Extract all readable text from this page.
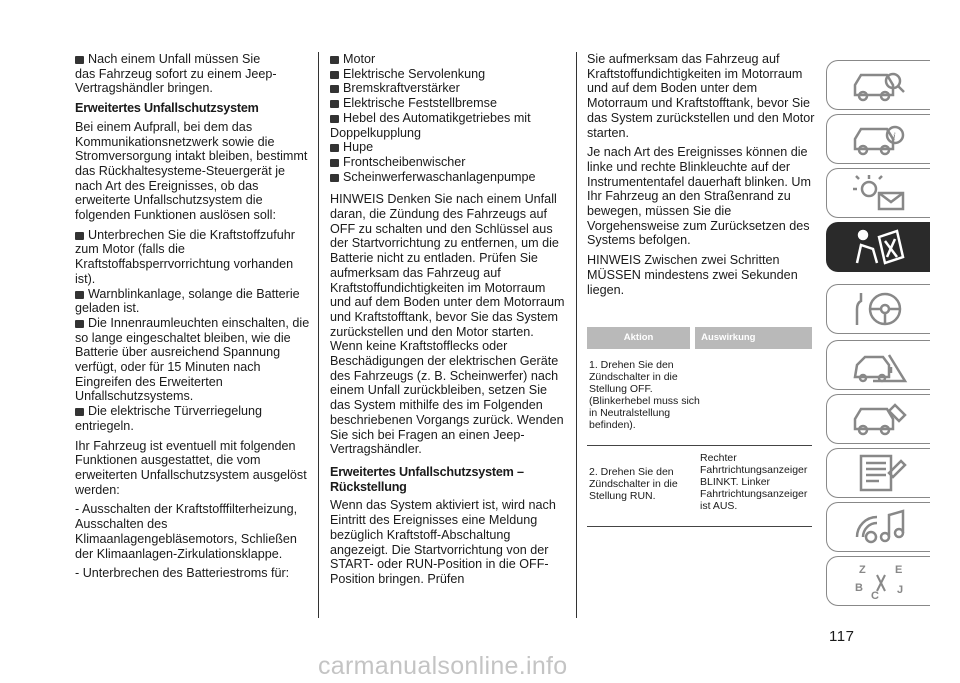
Nach einem Unfall müssen Sie

das Fahrzeug sofort zu einem Jeep-Vertragshändler bringen.

Erweitertes Unfallschutzsystem

Bei einem Aufprall, bei dem das Kommunikationsnetzwerk sowie die Stromversorgung intakt bleiben, bestimmt das Rückhaltesysteme-Steuergerät je nach Art des Ereignisses, ob das erweiterte Unfallschutzsystem die folgenden Funktionen auslösen soll:

Unterbrechen Sie die Kraftstoffzufuhr zum Motor (falls die Kraftstoffabsperrvorrichtung vorhanden ist).

Warnblinkanlage, solange die Batterie geladen ist.

Die Innenraumleuchten einschalten, die so lange eingeschaltet bleiben, wie die Batterie über ausreichend Spannung verfügt, oder für 15 Minuten nach Eingreifen des Erweiterten Unfallschutzsystems.

Die elektrische Türverriegelung entriegeln.

Ihr Fahrzeug ist eventuell mit folgenden Funktionen ausgestattet, die vom erweiterten Unfallschutzsystem ausgelöst werden:

- Ausschalten der Kraftstofffilterheizung, Ausschalten des Klimaanlagengebläsemotors, Schließen der Klimaanlagen-Zirkulationsklappe.

- Unterbrechen des Batteriestroms für:

Motor

Elektrische Servolenkung

Bremskraftverstärker

Elektrische Feststellbremse

Hebel des Automatikgetriebes mit Doppelkupplung

Hupe

Frontscheibenwischer

Scheinwerferwaschanlagenpumpe

HINWEIS Denken Sie nach einem Unfall daran, die Zündung des Fahrzeugs auf OFF zu schalten und den Schlüssel aus der Startvorrichtung zu entfernen, um die Batterie nicht zu entladen. Prüfen Sie aufmerksam das Fahrzeug auf Kraftstoffundichtigkeiten im Motorraum und auf dem Boden unter dem Motorraum und Kraftstofftank, bevor Sie das System zurückstellen und den Motor starten. Wenn keine Kraftstofflecks oder Beschädigungen der elektrischen Geräte des Fahrzeugs (z. B. Scheinwerfer) nach einem Unfall zurückbleiben, setzen Sie das System mithilfe des im Folgenden beschriebenen Vorgangs zurück. Wenden Sie sich bei Fragen an einen Jeep-Vertragshändler.

Erweitertes Unfallschutzsystem – Rückstellung

Wenn das System aktiviert ist, wird nach Eintritt des Ereignisses eine Meldung bezüglich Kraftstoff-Abschaltung angezeigt. Die Startvorrichtung von der START- oder RUN-Position in die OFF-Position bringen. Prüfen

Sie aufmerksam das Fahrzeug auf Kraftstoffundichtigkeiten im Motorraum und auf dem Boden unter dem Motorraum und Kraftstofftank, bevor Sie das System zurückstellen und den Motor starten.

Je nach Art des Ereignisses können die linke und rechte Blinkleuchte auf der Instrumententafel dauerhaft blinken. Um Ihr Fahrzeug an den Straßenrand zu bewegen, müssen Sie die Vorgehensweise zum Zurücksetzen des Systems befolgen.

HINWEIS Zwischen zwei Schritten MÜSSEN mindestens zwei Sekunden liegen.

Aktion	Auswirkung
1. Drehen Sie den Zündschalter in die Stellung OFF. (Blinkerhebel muss sich in Neutralstellung befinden).
2. Drehen Sie den Zündschalter in die Stellung RUN.
Rechter Fahrtrichtungsanzeiger BLINKT. Linker Fahrtrichtungsanzeiger ist AUS.
i
Z	E
B
C J
117
carmanualsonline.info
